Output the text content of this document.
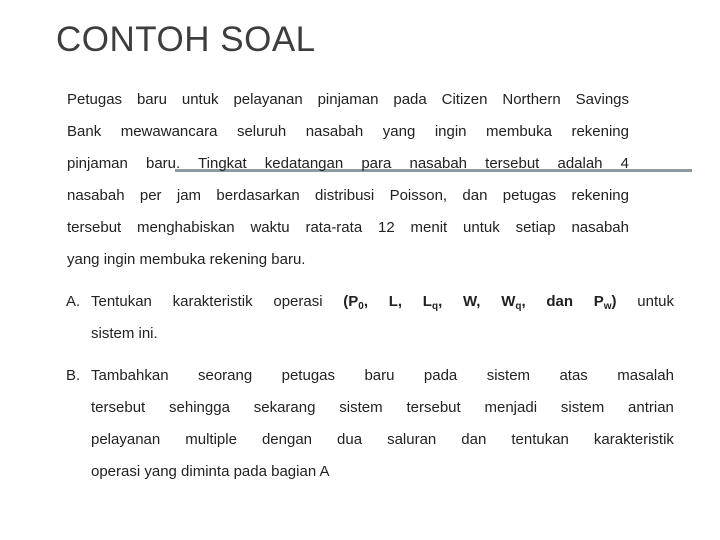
CONTOH SOAL

Petugas baru untuk pelayanan pinjaman pada Citizen Northern Savings
Bank mewawancara seluruh nasabah yang ingin membuka rekening
pinjaman baru. Tingkat kedatangan para nasabah tersebut adalah 4
nasabah per jam berdasarkan distribusi Poisson, dan petugas rekening
tersebut menghabiskan waktu rata-rata 12 menit untuk setiap nasabah
yang ingin membuka rekening baru.

A. Tentukan karakteristik operasi ($P_0$, L, $L_q$, W, $W_q$, dan $P_w$) untuk
sistem ini.
B. Tambahkan seorang petugas baru pada sistem atas masalah
tersebut sehingga sekarang sistem tersebut menjadi sistem antrian
pelayanan multiple dengan dua saluran dan tentukan karakteristik
operasi yang diminta pada bagian A
